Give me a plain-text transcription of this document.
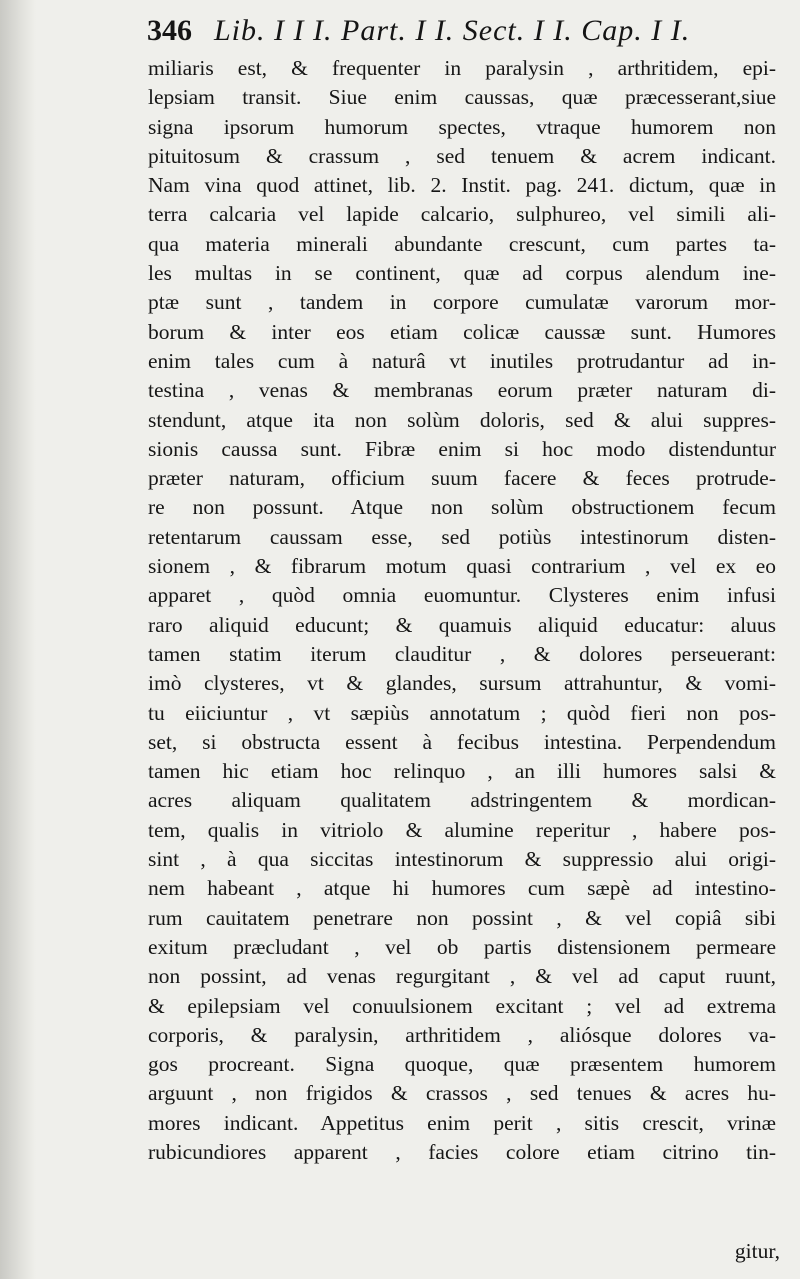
346 Lib. I I I. Part. I I. Sect. I I. Cap. I I.
miliaris est, & frequenter in paralysin , arthritidem, epi-
lepsiam transit. Siue enim caussas, quæ præcesserant,siue
signa ipsorum humorum spectes, vtraque humorem non
pituitosum & crassum , sed tenuem & acrem indicant.
Nam vina quod attinet, lib. 2. Instit. pag. 241. dictum, quæ in
terra calcaria vel lapide calcario, sulphureo, vel simili ali-
qua materia minerali abundante crescunt, cum partes ta-
les multas in se continent, quæ ad corpus alendum ine-
ptæ sunt , tandem in corpore cumulatæ varorum mor-
borum & inter eos etiam colicæ caussæ sunt. Humores
enim tales cum à naturâ vt inutiles protrudantur ad in-
testina , venas & membranas eorum præter naturam di-
stendunt, atque ita non solùm doloris, sed & alui suppres-
sionis caussa sunt. Fibræ enim si hoc modo distenduntur
præter naturam, officium suum facere & feces protrude-
re non possunt. Atque non solùm obstructionem fecum
retentarum caussam esse, sed potiùs intestinorum disten-
sionem , & fibrarum motum quasi contrarium , vel ex eo
apparet , quòd omnia euomuntur. Clysteres enim infusi
raro aliquid educunt; & quamuis aliquid educatur: aluus
tamen statim iterum clauditur , & dolores perseuerant:
imò clysteres, vt & glandes, sursum attrahuntur, & vomi-
tu eiiciuntur , vt sæpiùs annotatum ; quòd fieri non pos-
set, si obstructa essent à fecibus intestina. Perpendendum
tamen hic etiam hoc relinquo , an illi humores salsi &
acres aliquam qualitatem adstringentem & mordican-
tem, qualis in vitriolo & alumine reperitur , habere pos-
sint , à qua siccitas intestinorum & suppressio alui origi-
nem habeant , atque hi humores cum sæpè ad intestino-
rum cauitatem penetrare non possint , & vel copiâ sibi
exitum præcludant , vel ob partis distensionem permeare
non possint, ad venas regurgitant , & vel ad caput ruunt,
& epilepsiam vel conuulsionem excitant ; vel ad extrema
corporis, & paralysin, arthritidem , aliósque dolores va-
gos procreant. Signa quoque, quæ præsentem humorem
arguunt , non frigidos & crassos , sed tenues & acres hu-
mores indicant. Appetitus enim perit , sitis crescit, vrinæ
rubicundiores apparent , facies colore etiam citrino tin-
gitur,
